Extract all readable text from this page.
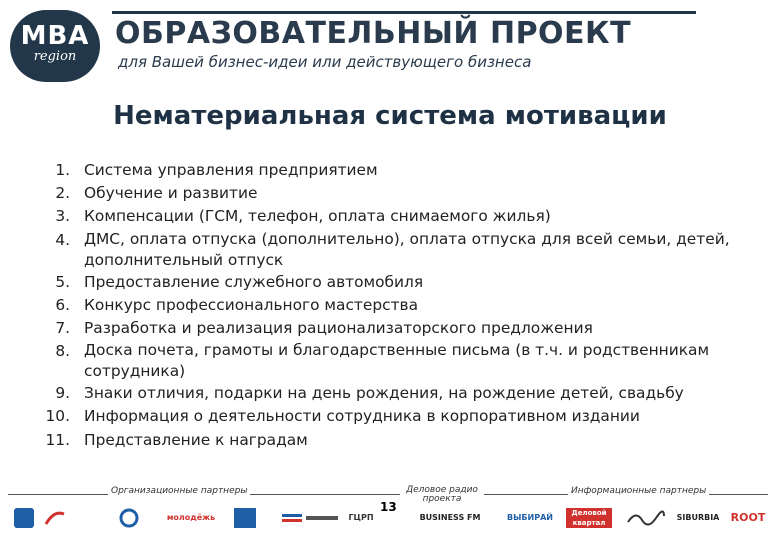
MBA
region
ОБРАЗОВАТЕЛЬНЫЙ ПРОЕКТ
для Вашей бизнес-идеи или действующего бизнеса
Нематериальная система мотивации
1. Система управления предприятием
2. Обучение и развитие
3. Компенсации (ГСМ, телефон, оплата снимаемого жилья)
4. ДМС, оплата отпуска (дополнительно), оплата отпуска для всей семьи, детей, дополнительный отпуск
5. Предоставление служебного автомобиля
6. Конкурс профессионального мастерства
7. Разработка и реализация рационализаторского предложения
8. Доска почета, грамоты и благодарственные письма (в т.ч. и родственникам сотрудника)
9. Знаки отличия, подарки на день рождения, на рождение детей, свадьбу
10. Информация о деятельности сотрудника в корпоративном издании
11. Представление к наградам
Организационные партнеры	Деловое радио проекта
Информационные партнеры
молодёжь	ГЦРП
13
BUSINESS FM	ВЫБИРАЙ	Деловой квартал
SIBURBIA ROOT
